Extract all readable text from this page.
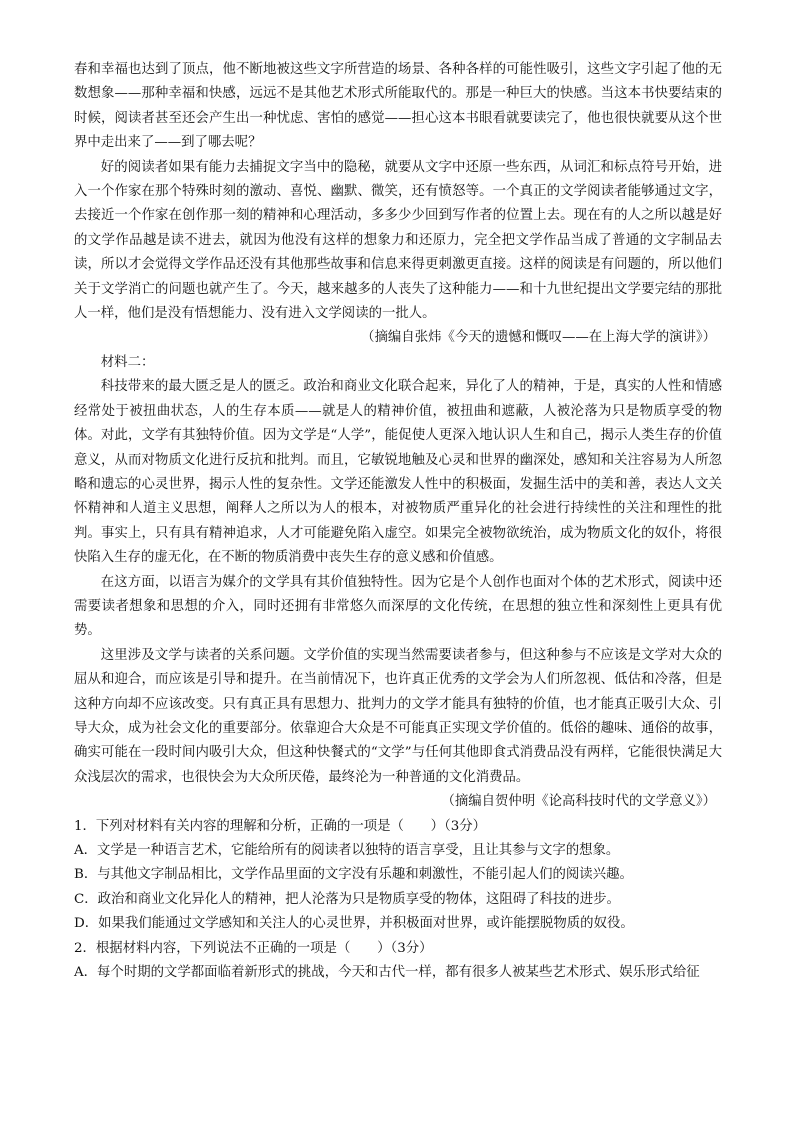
春和幸福也达到了顶点，他不断地被这些文字所营造的场景、各种各样的可能性吸引，这些文字引起了他的无数想象——那种幸福和快感，远远不是其他艺术形式所能取代的。那是一种巨大的快感。当这本书快要结束的时候，阅读者甚至还会产生出一种忧虑、害怕的感觉——担心这本书眼看就要读完了，他也很快就要从这个世界中走出来了——到了哪去呢？

好的阅读者如果有能力去捕捉文字当中的隐秘，就要从文字中还原一些东西，从词汇和标点符号开始，进入一个作家在那个特殊时刻的激动、喜悦、幽默、微笑，还有愤怒等。一个真正的文学阅读者能够通过文字，去接近一个作家在创作那一刻的精神和心理活动，多多少少回到写作者的位置上去。现在有的人之所以越是好的文学作品越是读不进去，就因为他没有这样的想象力和还原力，完全把文学作品当成了普通的文字制品去读，所以才会觉得文学作品还没有其他那些故事和信息来得更刺激更直接。这样的阅读是有问题的，所以他们关于文学消亡的问题也就产生了。今天，越来越多的人丧失了这种能力——和十九世纪提出文学要完结的那批人一样，他们是没有悟想能力、没有进入文学阅读的一批人。

（摘编自张炜《今天的遗憾和慨叹——在上海大学的演讲》）

材料二：

科技带来的最大匮乏是人的匮乏。政治和商业文化联合起来，异化了人的精神，于是，真实的人性和情感经常处于被扭曲状态，人的生存本质——就是人的精神价值，被扭曲和遮蔽，人被沦落为只是物质享受的物体。对此，文学有其独特价值。因为文学是“人学”，能促使人更深入地认识人生和自己，揭示人类生存的价值意义，从而对物质文化进行反抗和批判。而且，它敏锐地触及心灵和世界的幽深处，感知和关注容易为人所忽略和遗忘的心灵世界，揭示人性的复杂性。文学还能激发人性中的积极面，发掘生活中的美和善，表达人文关怀精神和人道主义思想，阐释人之所以为人的根本，对被物质严重异化的社会进行持续性的关注和理性的批判。事实上，只有具有精神追求，人才可能避免陷入虚空。如果完全被物欲统治，成为物质文化的奴仆，将很快陷入生存的虚无化，在不断的物质消费中丧失生存的意义感和价值感。

在这方面，以语言为媒介的文学具有其价值独特性。因为它是个人创作也面对个体的艺术形式，阅读中还需要读者想象和思想的介入，同时还拥有非常悠久而深厚的文化传统，在思想的独立性和深刻性上更具有优势。

这里涉及文学与读者的关系问题。文学价值的实现当然需要读者参与，但这种参与不应该是文学对大众的屈从和迎合，而应该是引导和提升。在当前情况下，也许真正优秀的文学会为人们所忽视、低估和冷落，但是这种方向却不应该改变。只有真正具有思想力、批判力的文学才能具有独特的价值，也才能真正吸引大众、引导大众，成为社会文化的重要部分。依靠迎合大众是不可能真正实现文学价值的。低俗的趣味、通俗的故事，确实可能在一段时间内吸引大众，但这种快餐式的“文学”与任何其他即食式消费品没有两样，它能很快满足大众浅层次的需求，也很快会为大众所厌倦，最终沦为一种普通的文化消费品。

（摘编自贺仲明《论高科技时代的文学意义》）

1．下列对材料有关内容的理解和分析，正确的一项是（　　）（3分）

A．文学是一种语言艺术，它能给所有的阅读者以独特的语言享受，且让其参与文字的想象。

B．与其他文字制品相比，文学作品里面的文字没有乐趣和刺激性，不能引起人们的阅读兴趣。

C．政治和商业文化异化人的精神，把人沦落为只是物质享受的物体，这阻碍了科技的进步。

D．如果我们能通过文学感知和关注人的心灵世界，并积极面对世界，或许能摆脱物质的奴役。

2．根据材料内容，下列说法不正确的一项是（　　）（3分）

A．每个时期的文学都面临着新形式的挑战，今天和古代一样，都有很多人被某些艺术形式、娱乐形式给征
